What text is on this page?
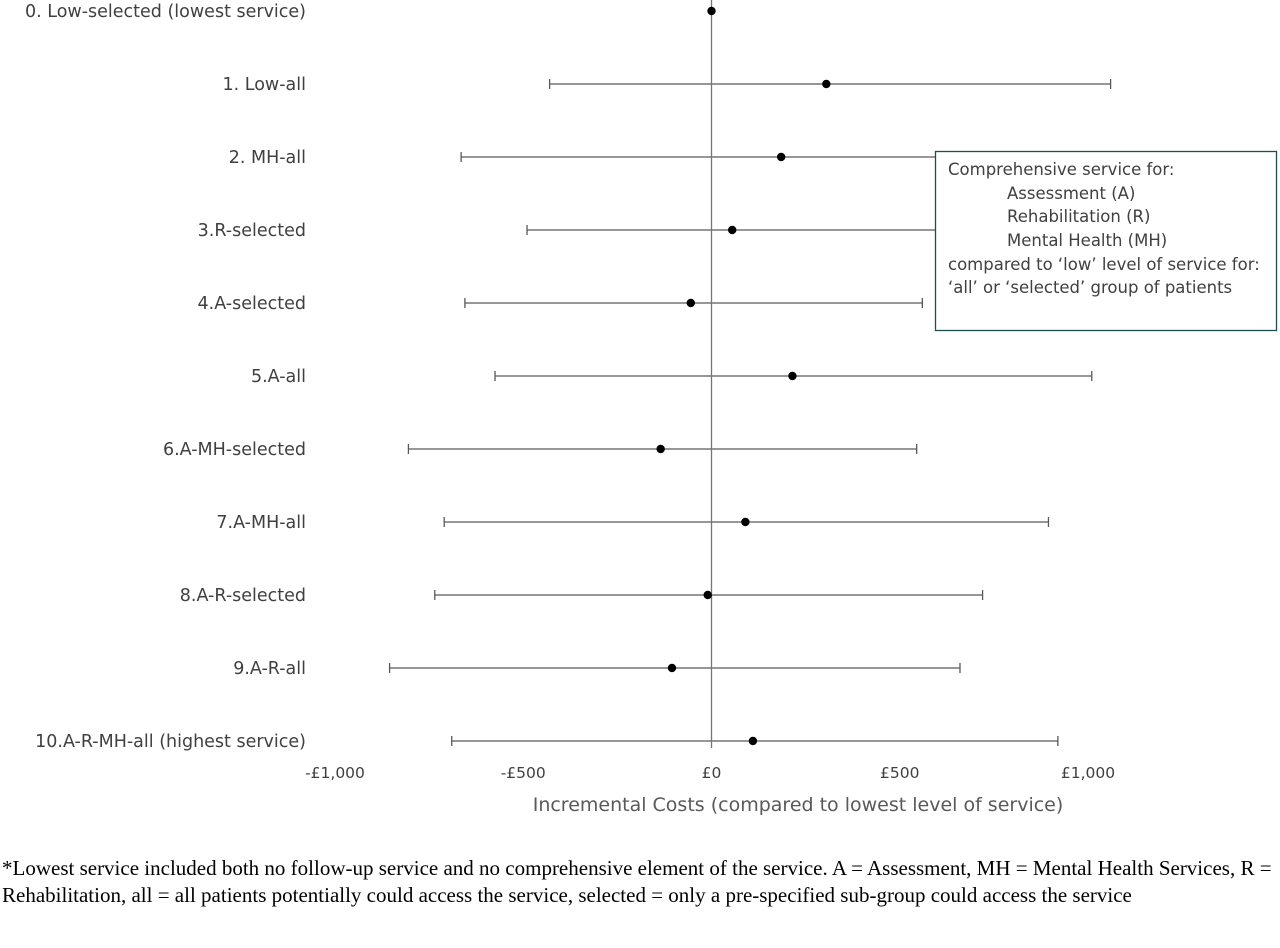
0. Low-selected (lowest service)
1. Low-all
2. MH-all
3.R-selected
4.A-selected
5.A-all
6.A-MH-selected
7.A-MH-all
8.A-R-selected
9.A-R-all
10.A-R-MH-all (highest service)
-£1,000	-£500	£0	£500	£1,000
Incremental Costs (compared to lowest level of service)
Comprehensive service for:
Assessment (A)
Rehabilitation (R)
Mental Health (MH)
compared to ‘low’ level of service for:
‘all’ or ‘selected’ group of patients
*Lowest service included both no follow-up service and no comprehensive element of the service. A = Assessment, MH = Mental Health Services, R = Rehabilitation, all = all patients potentially could access the service, selected = only a pre-specified sub-group could access the service
